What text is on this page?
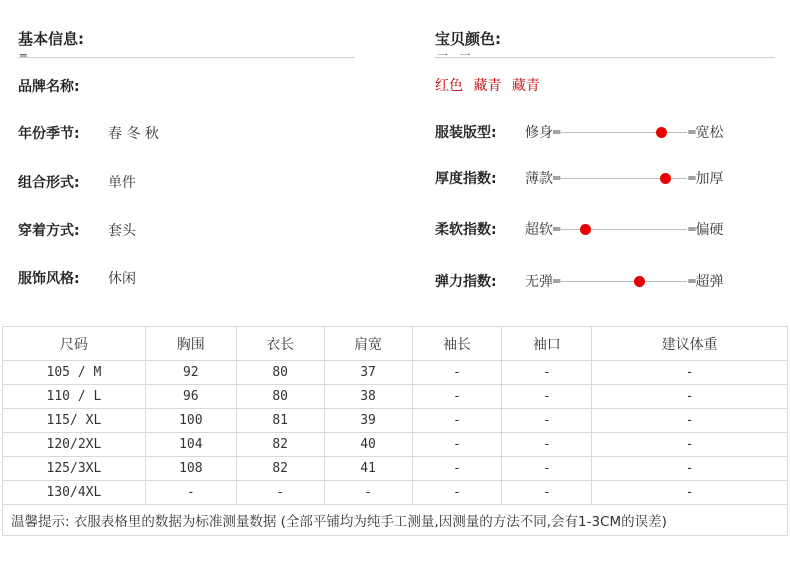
基本信息:
═
品牌名称:
年份季节:	春 冬 秋
组合形式:	单件
穿着方式:	套头
服饰风格:	休闲
宝贝颜色:
一 一
红色 藏青 藏青
服装版型:	修身 ═	═ 宽松
厚度指数:	薄款 ═	═ 加厚
柔软指数:	超软 ═	═ 偏硬
弹力指数:	无弹 ═	═ 超弹
尺码	胸围	衣长	肩宽	袖长	袖口	建议体重
105 / M	92	80	37	-	-	-
110 / L	96	80	38	-	-	-
115/ XL	100	81	39	-	-	-
120/2XL	104	82	40	-	-	-
125/3XL	108	82	41	-	-	-
130/4XL	-	-	-	-	-	-
温馨提示: 衣服表格里的数据为标准测量数据 (全部平铺均为纯手工测量,因测量的方法不同,会有1-3CM的误差)						
